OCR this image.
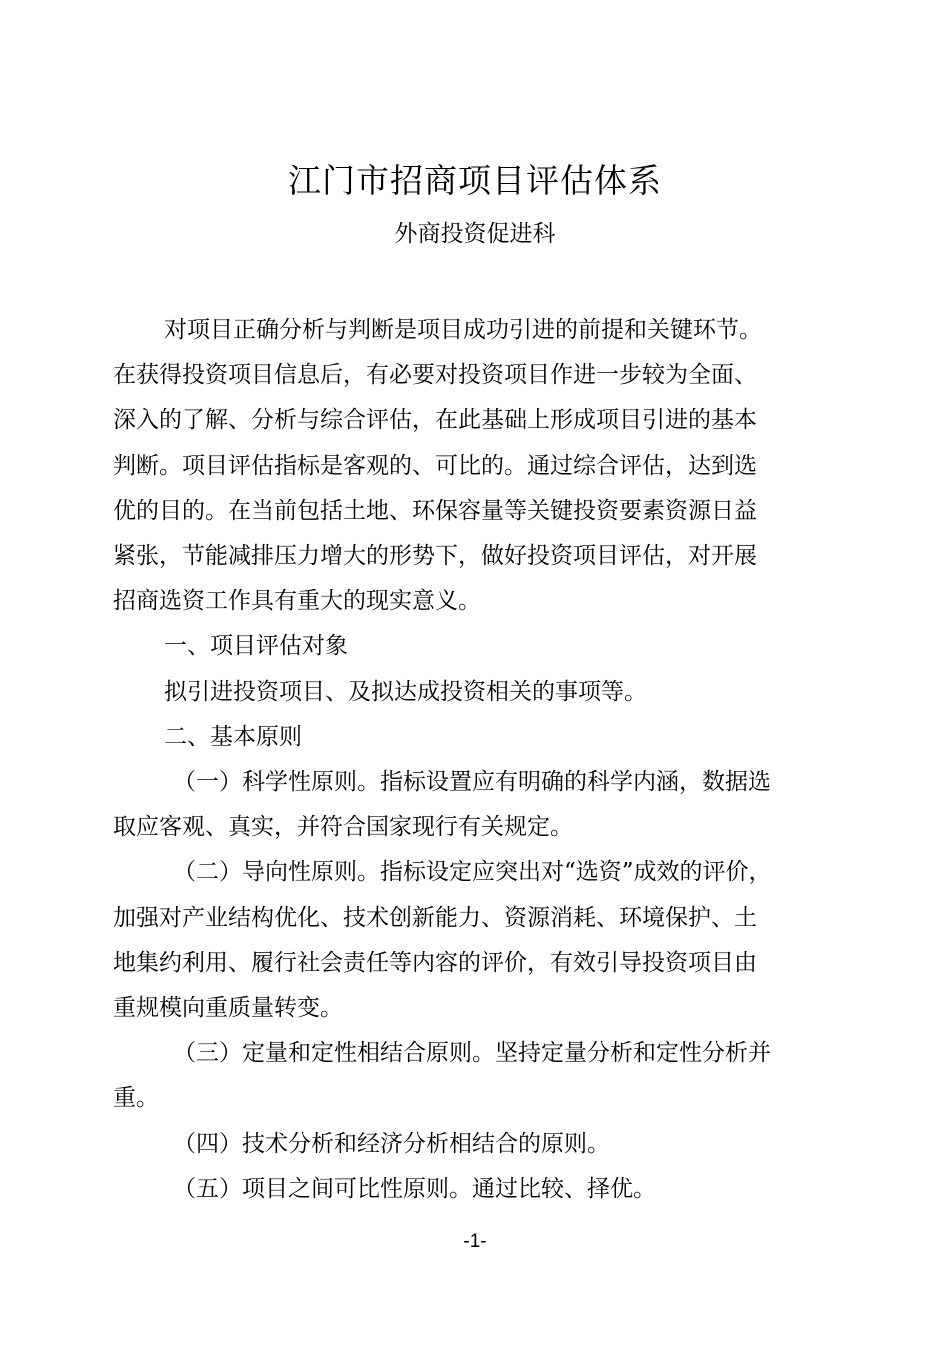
江门市招商项目评估体系
外商投资促进科

对项目正确分析与判断是项目成功引进的前提和关键环节。
在获得投资项目信息后，有必要对投资项目作进一步较为全面、
深入的了解、分析与综合评估，在此基础上形成项目引进的基本
判断。项目评估指标是客观的、可比的。通过综合评估，达到选
优的目的。在当前包括土地、环保容量等关键投资要素资源日益
紧张，节能减排压力增大的形势下，做好投资项目评估，对开展
招商选资工作具有重大的现实意义。

一、项目评估对象

拟引进投资项目、及拟达成投资相关的事项等。

二、基本原则

（一）科学性原则。指标设置应有明确的科学内涵，数据选
取应客观、真实，并符合国家现行有关规定。

（二）导向性原则。指标设定应突出对“选资”成效的评价，
加强对产业结构优化、技术创新能力、资源消耗、环境保护、土
地集约利用、履行社会责任等内容的评价，有效引导投资项目由
重规模向重质量转变。

（三）定量和定性相结合原则。坚持定量分析和定性分析并
重。

（四）技术分析和经济分析相结合的原则。

（五）项目之间可比性原则。通过比较、择优。

-1-
